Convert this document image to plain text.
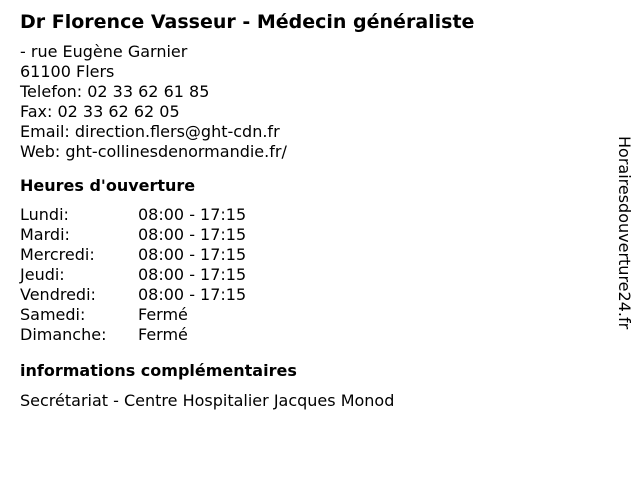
Dr Florence Vasseur - Médecin généraliste
- rue Eugène Garnier
61100 Flers
Telefon: 02 33 62 61 85
Fax: 02 33 62 62 05
Email: direction.flers@ght-cdn.fr
Web: ght-collinesdenormandie.fr/
Heures d'ouverture
Lundi:	08:00 - 17:15
Mardi:	08:00 - 17:15
Mercredi:	08:00 - 17:15
Jeudi:	08:00 - 17:15
Vendredi:	08:00 - 17:15
Samedi:	Fermé
Dimanche:	Fermé
informations complémentaires
Secrétariat - Centre Hospitalier Jacques Monod
Horairesdouverture24.fr
